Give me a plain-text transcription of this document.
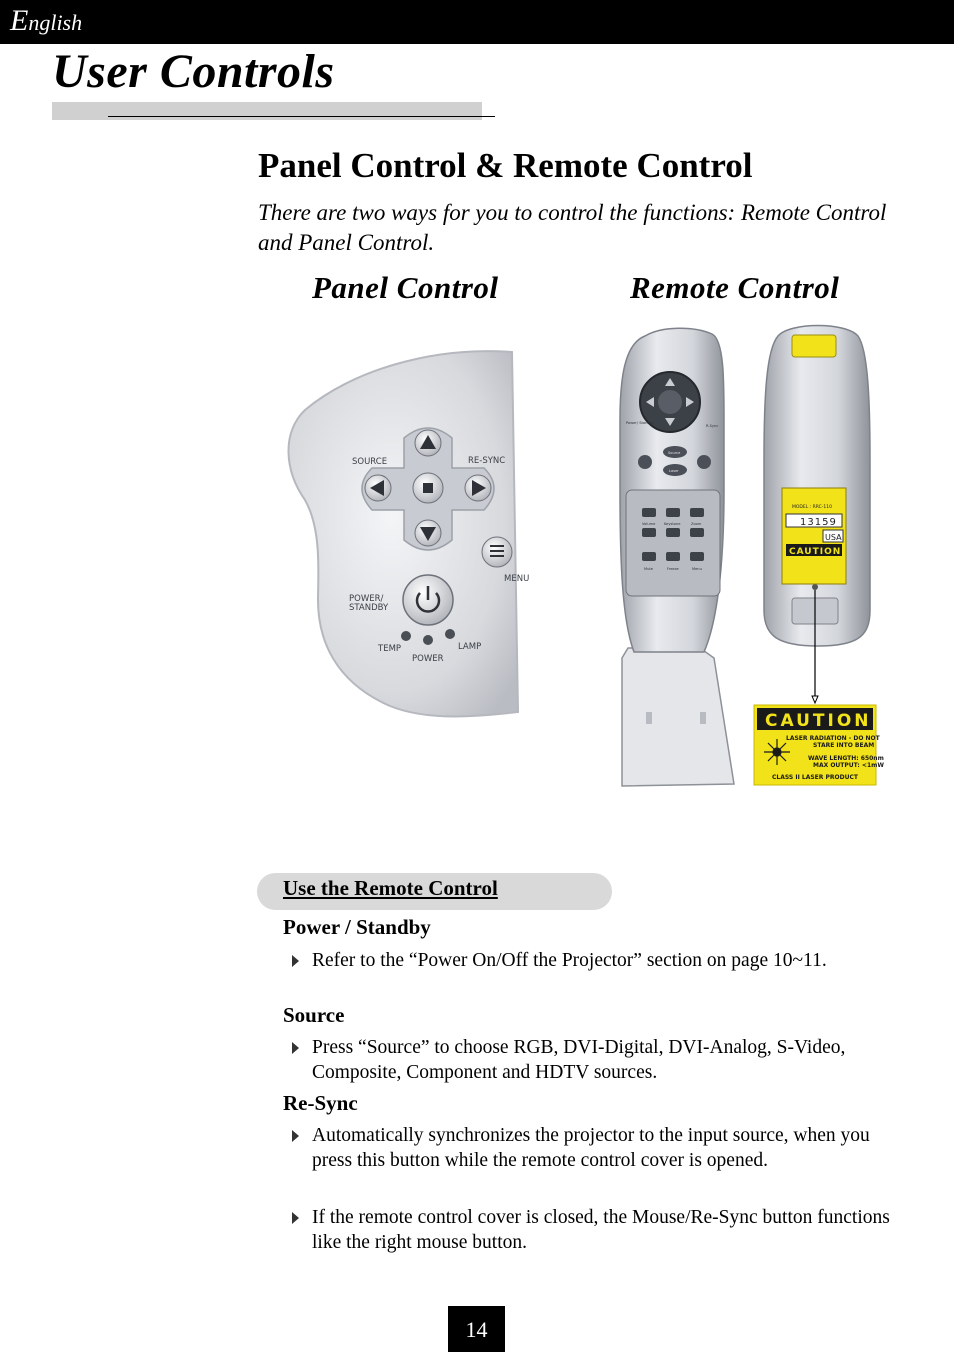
English
User Controls
Panel Control & Remote Control

There are two ways for you to control the functions: Remote Control and Panel Control.

Panel Control	Remote Control
SOURCE	RE-SYNC
MENU
POWER/
STANDBY
TEMP	LAMP
POWER
Power/ Standby
R-Sync
Source
Laser
Volume Keystone	Zoom
Mute	Freeze	Menu
MODEL : RRC-110
13159
USA
CAUTION
CAUTION
LASER RADIATION - DO NOT
STARE INTO BEAM
WAVE LENGTH: 650nm
MAX OUTPUT: <1mW
CLASS II LASER PRODUCT
Use the Remote Control
Power / Standby
Refer to the “Power On/Off the Projector” section on page 10~11.
Source
Press “Source” to choose RGB, DVI-Digital, DVI-Analog, S-Video, Composite, Component and HDTV sources.
Re-Sync
Automatically synchronizes the projector to the input source, when you press this button while the remote control cover is opened.
If the remote control cover is closed, the Mouse/Re-Sync button functions like the right mouse button.
14
